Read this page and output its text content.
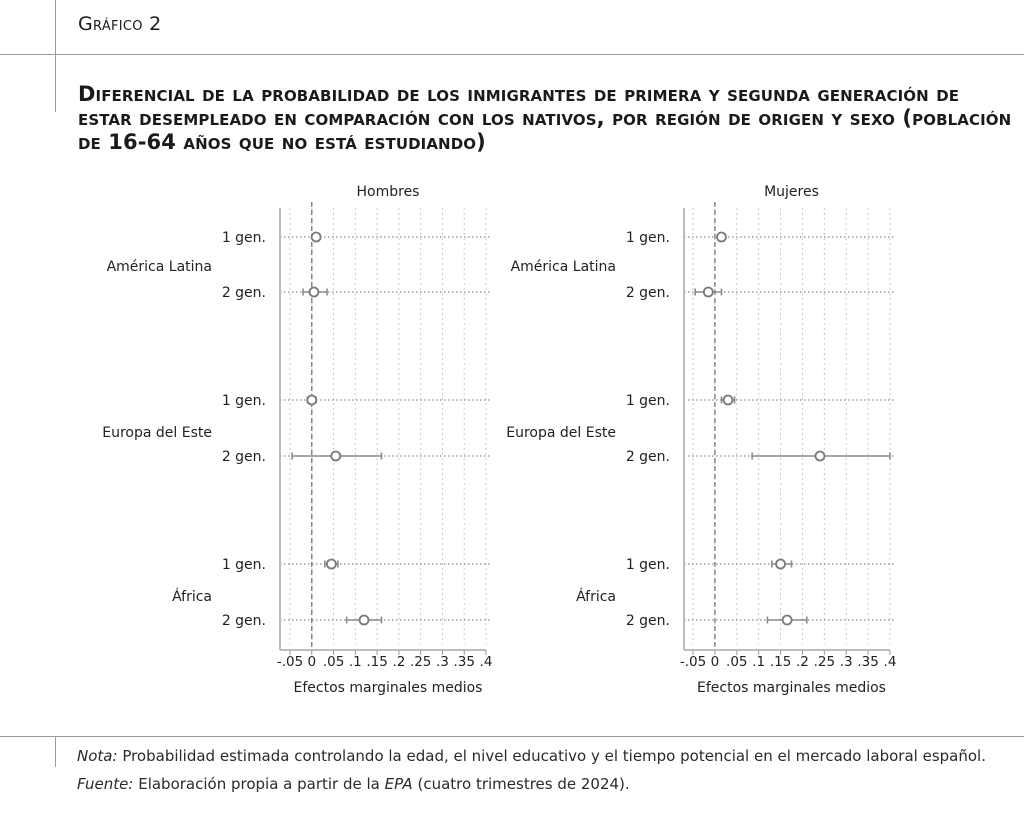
Gráfico 2
Diferencial de la probabilidad de los inmigrantes de primera y segunda generación de estar desempleado en comparación con los nativos, por región de origen y sexo (población de 16-64 años que no está estudiando)
Hombres
-.05 0 .05 .1 .15 .2 .25 .3 .35 .4
Efectos marginales medios
América Latina
1 gen.
2 gen.
Europa del Este
1 gen.
2 gen.
África
1 gen.
2 gen.
Mujeres
-.05 0 .05 .1 .15 .2 .25 .3 .35 .4
Efectos marginales medios
América Latina
1 gen.
2 gen.
Europa del Este
1 gen.
2 gen.
África
1 gen.
2 gen.
Nota: Probabilidad estimada controlando la edad, el nivel educativo y el tiempo potencial en el mercado laboral español.
Fuente: Elaboración propia a partir de la EPA (cuatro trimestres de 2024).
